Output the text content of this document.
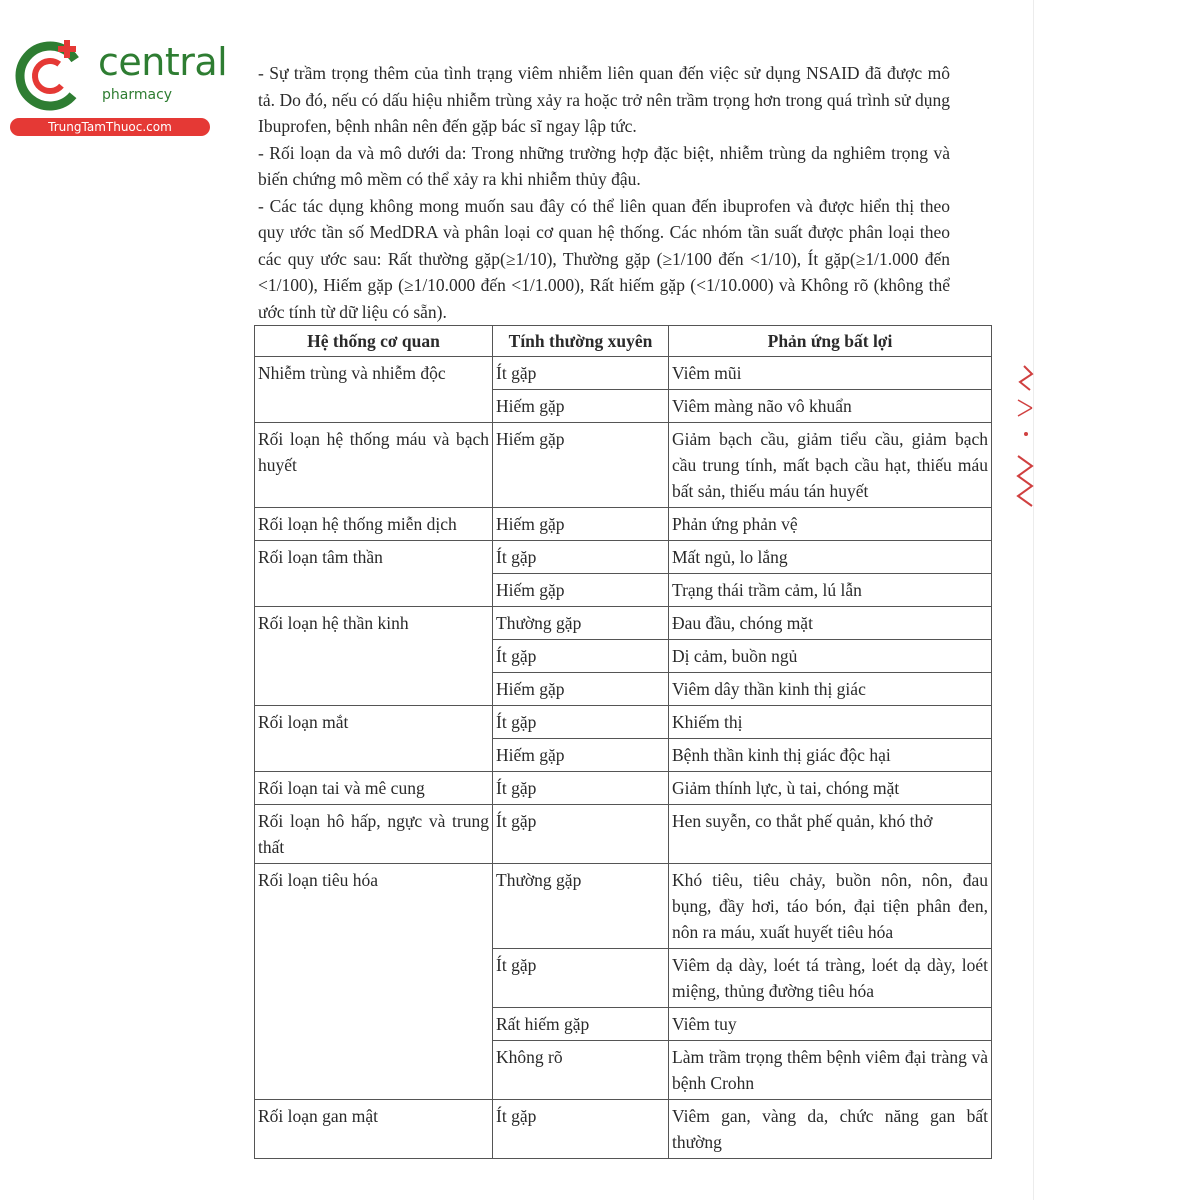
central
pharmacy
TrungTamThuoc.com

- Sự trầm trọng thêm của tình trạng viêm nhiễm liên quan đến việc sử dụng NSAID đã được mô tả. Do đó, nếu có dấu hiệu nhiễm trùng xảy ra hoặc trở nên trầm trọng hơn trong quá trình sử dụng Ibuprofen, bệnh nhân nên đến gặp bác sĩ ngay lập tức.

- Rối loạn da và mô dưới da: Trong những trường hợp đặc biệt, nhiễm trùng da nghiêm trọng và biến chứng mô mềm có thể xảy ra khi nhiễm thủy đậu.

- Các tác dụng không mong muốn sau đây có thể liên quan đến ibuprofen và được hiển thị theo quy ước tần số MedDRA và phân loại cơ quan hệ thống. Các nhóm tần suất được phân loại theo các quy ước sau: Rất thường gặp(≥1/10), Thường gặp (≥1/100 đến <1/10), Ít gặp(≥1/1.000 đến <1/100), Hiếm gặp (≥1/10.000 đến <1/1.000), Rất hiếm gặp (<1/10.000) và Không rõ (không thể ước tính từ dữ liệu có sẵn).

Hệ thống cơ quan	Tính thường xuyên	Phản ứng bất lợi
Nhiễm trùng và nhiễm độc	Ít gặp	Viêm mũi
	Hiếm gặp	Viêm màng não vô khuẩn
Rối loạn hệ thống máu và bạch huyết	Hiếm gặp	Giảm bạch cầu, giảm tiểu cầu, giảm bạch cầu trung tính, mất bạch cầu hạt, thiếu máu bất sản, thiếu máu tán huyết
Rối loạn hệ thống miễn dịch	Hiếm gặp	Phản ứng phản vệ
Rối loạn tâm thần	Ít gặp	Mất ngủ, lo lắng
	Hiếm gặp	Trạng thái trầm cảm, lú lẫn
Rối loạn hệ thần kinh	Thường gặp	Đau đầu, chóng mặt
	Ít gặp	Dị cảm, buồn ngủ
	Hiếm gặp	Viêm dây thần kinh thị giác
Rối loạn mắt	Ít gặp	Khiếm thị
	Hiếm gặp	Bệnh thần kinh thị giác độc hại
Rối loạn tai và mê cung	Ít gặp	Giảm thính lực, ù tai, chóng mặt
Rối loạn hô hấp, ngực và trung thất	Ít gặp	Hen suyễn, co thắt phế quản, khó thở
Rối loạn tiêu hóa	Thường gặp	Khó tiêu, tiêu chảy, buồn nôn, nôn, đau bụng, đầy hơi, táo bón, đại tiện phân đen, nôn ra máu, xuất huyết tiêu hóa
	Ít gặp	Viêm dạ dày, loét tá tràng, loét dạ dày, loét miệng, thủng đường tiêu hóa
	Rất hiếm gặp	Viêm tuy
	Không rõ	Làm trầm trọng thêm bệnh viêm đại tràng và bệnh Crohn
Rối loạn gan mật	Ít gặp	Viêm gan, vàng da, chức năng gan bất thường
